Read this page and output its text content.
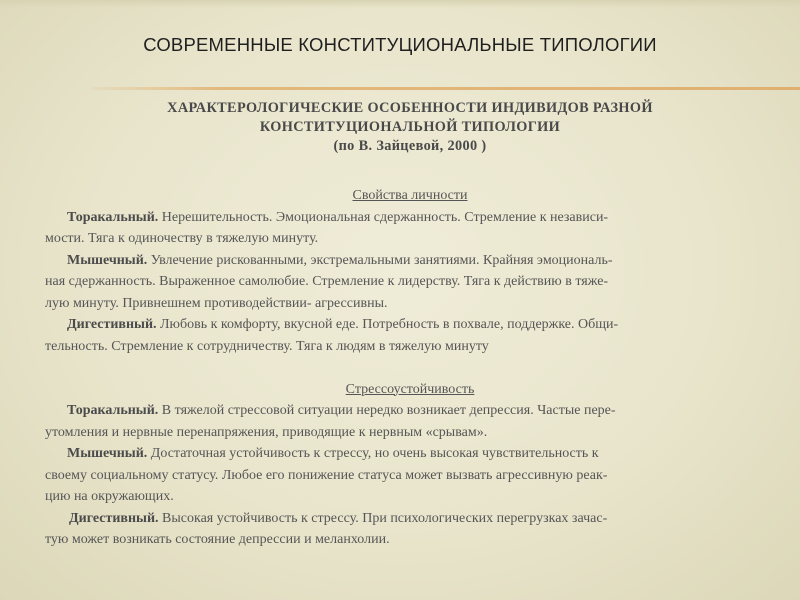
СОВРЕМЕННЫЕ КОНСТИТУЦИОНАЛЬНЫЕ ТИПОЛОГИИ
ХАРАКТЕРОЛОГИЧЕСКИЕ ОСОБЕННОСТИ ИНДИВИДОВ РАЗНОЙ
КОНСТИТУЦИОНАЛЬНОЙ ТИПОЛОГИИ
(по В. Зайцевой, 2000 )

Свойства личности

Торакальный. Нерешительность. Эмоциональная сдержанность. Стремление к независи-
мости. Тяга к одиночеству в тяжелую минуту.

Мышечный. Увлечение рискованными, экстремальными занятиями. Крайняя эмоциональ-
ная сдержанность. Выраженное самолюбие. Стремление к лидерству. Тяга к действию в тяже-
лую минуту. Привнешнем противодействии- агрессивны.

Дигестивный. Любовь к комфорту, вкусной еде. Потребность в похвале, поддержке. Общи-
тельность. Стремление к сотрудничеству. Тяга к людям в тяжелую минуту

Стрессоустойчивость

Торакальный. В тяжелой стрессовой ситуации нередко возникает депрессия. Частые пере-
утомления и нервные перенапряжения, приводящие к нервным «срывам».

Мышечный. Достаточная устойчивость к стрессу, но очень высокая чувствительность к
своему социальному статусу. Любое его понижение статуса может вызвать агрессивную реак-
цию на окружающих.

Дигестивный. Высокая устойчивость к стрессу. При психологических перегрузках зачас-
тую может возникать состояние депрессии и меланхолии.
